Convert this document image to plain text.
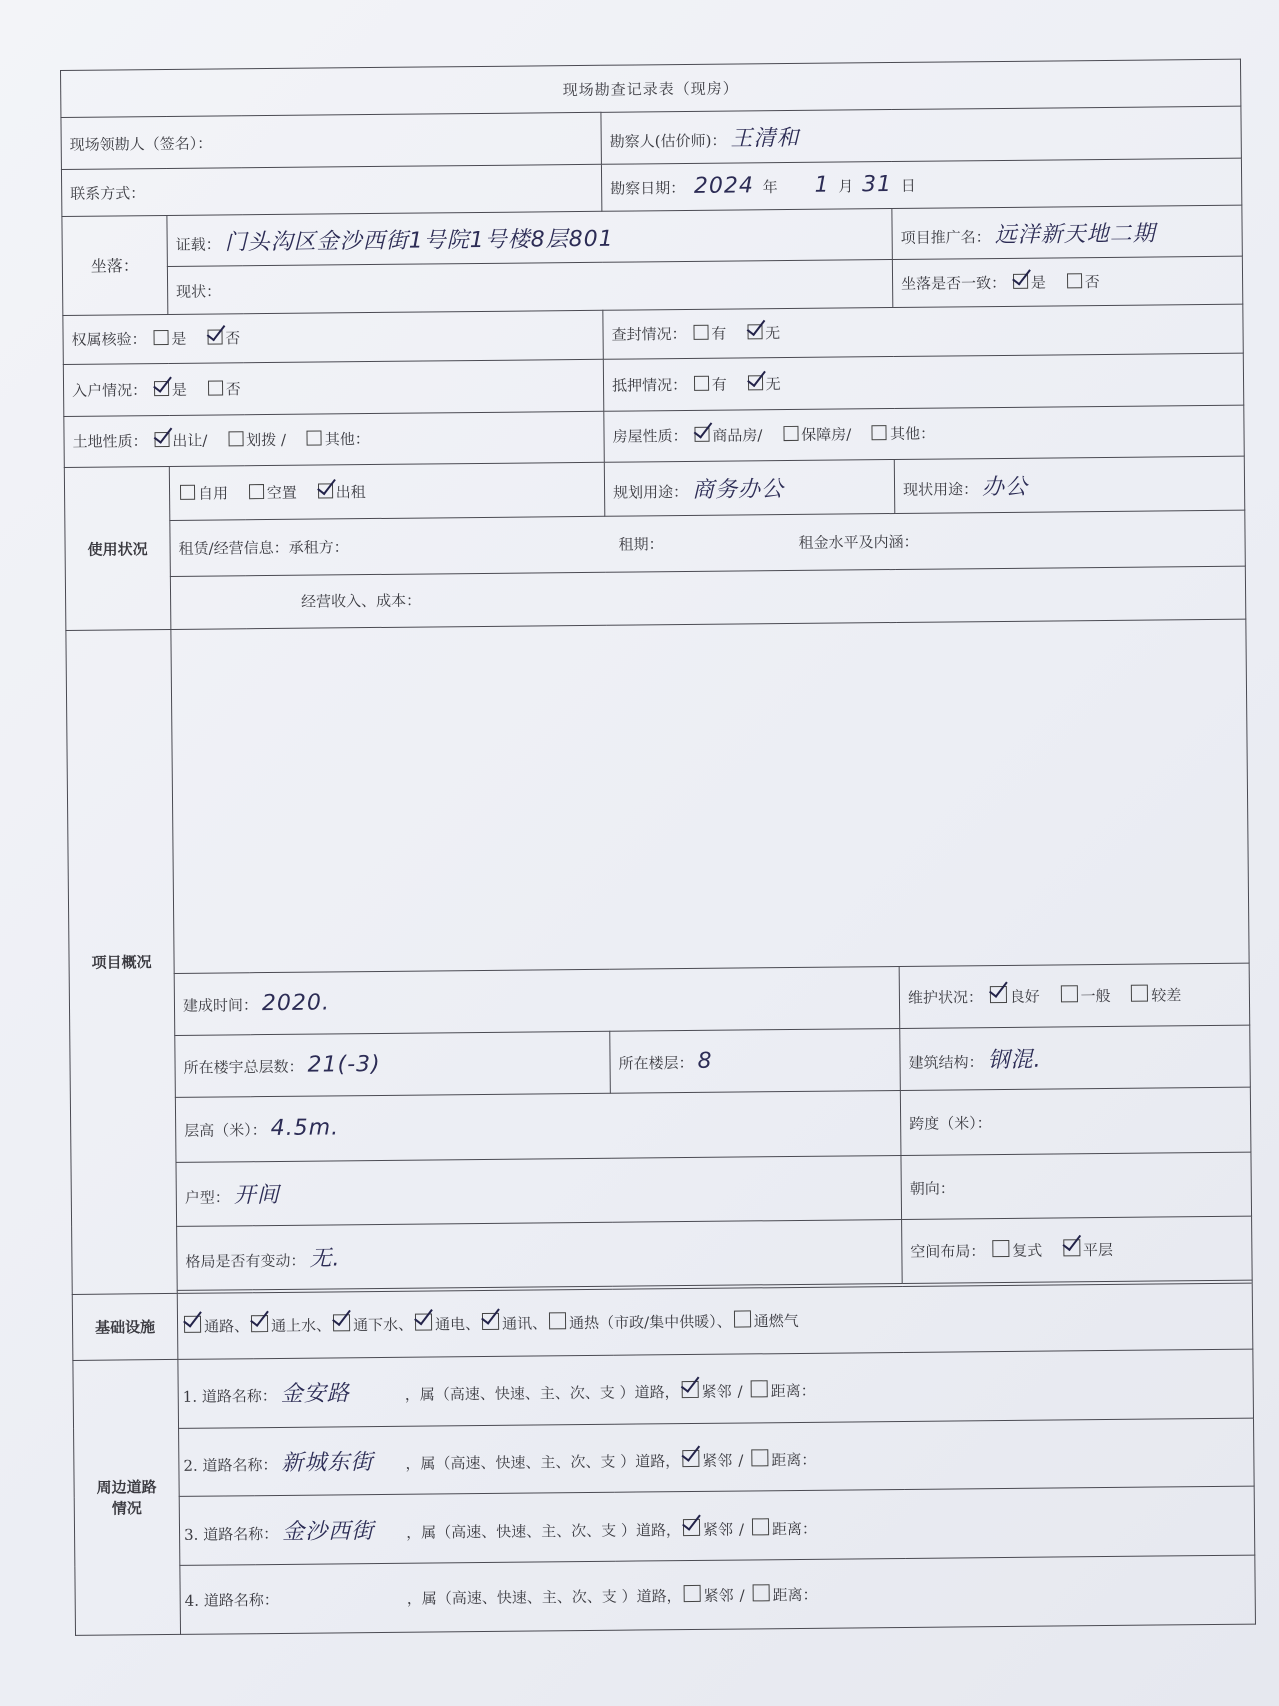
现场勘查记录表（现房）			
现场领勘人（签名）：		勘察人(估价师)： 王清和	
联系方式：		勘察日期： 2024 年 1 月 31 日	
坐落：	证载： 门头沟区金沙西街1号院1号楼8层801		项目推广名： 远洋新天地二期
	现状：		坐落是否一致： 是 否
权属核验： 是 否		查封情况： 有 无	
入户情况： 是 否		抵押情况： 有 无	
土地性质： 出让/ 划拨 / 其他：		房屋性质： 商品房/ 保障房/ 其他：	
使用状况	自用 空置 出租	规划用途： 商务办公	现状用途： 办公
	租赁/经营信息：承租方： 租期： 租金水平及内涵：		
	经营收入、成本：		
项目概况			
	建成时间： 2020.		维护状况： 良好 一般 较差
	所在楼宇总层数： 21(-3)	所在楼层： 8	建筑结构： 钢混.
	层高（米）： 4.5m.		跨度（米）：
	户型： 开间		朝向：
	格局是否有变动： 无.		空间布局： 复式 平层

基础设施	通路、 通上水、 通下水、 通电、 通讯、 通热（市政/集中供暖）、 通燃气		
周边道路
情况	1. 道路名称： 金安路 ，属（高速、快速、主、次、支 ）道路， 紧邻 / 距离：		
	2. 道路名称： 新城东街 ，属（高速、快速、主、次、支 ）道路， 紧邻 / 距离：		
	3. 道路名称： 金沙西街 ，属（高速、快速、主、次、支 ）道路， 紧邻 / 距离：		
	4. 道路名称： ，属（高速、快速、主、次、支 ）道路， 紧邻 / 距离：		
